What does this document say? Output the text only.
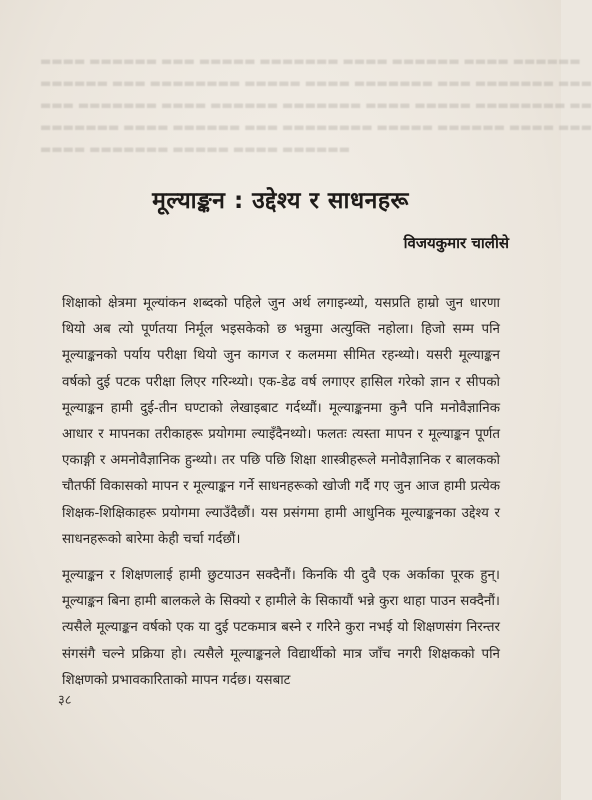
▬▬▬▬ ▬▬▬▬▬▬ ▬▬▬ ▬▬▬▬▬ ▬▬▬▬▬▬▬ ▬▬▬▬ ▬▬▬▬▬▬ ▬▬▬▬ ▬▬▬▬▬▬
▬▬▬▬▬▬ ▬▬▬ ▬▬▬▬▬▬▬▬ ▬▬▬▬▬ ▬▬▬▬ ▬▬▬▬▬▬▬ ▬▬▬ ▬▬▬▬▬▬▬ ▬▬▬
▬▬▬ ▬▬▬▬▬▬▬ ▬▬▬▬ ▬▬▬▬▬▬ ▬▬▬▬▬▬▬ ▬▬▬▬ ▬▬▬▬▬ ▬▬▬▬▬▬▬▬ ▬▬
▬▬▬▬▬▬▬ ▬▬▬▬ ▬▬▬▬▬▬ ▬▬▬ ▬▬▬▬▬▬▬▬ ▬▬▬▬▬ ▬▬▬▬▬▬ ▬▬▬▬ ▬▬▬
▬▬▬▬ ▬▬▬▬▬▬▬ ▬▬▬▬▬ ▬▬▬▬ ▬▬▬▬▬▬
मूल्याङ्कन : उद्देश्य र साधनहरू
विजयकुमार चालीसे

शिक्षाको क्षेत्रमा मूल्यांकन शब्दको पहिले जुन अर्थ लगाइन्थ्यो, यसप्रति हाम्रो जुन धारणा थियो अब त्यो पूर्णतया निर्मूल भइसकेको छ भन्नुमा अत्युक्ति नहोला। हिजो सम्म पनि मूल्याङ्कनको पर्याय परीक्षा थियो जुन कागज र कलममा सीमित रहन्थ्यो। यसरी मूल्याङ्कन वर्षको दुई पटक परीक्षा लिएर गरिन्थ्यो। एक-डेढ वर्ष लगाएर हासिल गरेको ज्ञान र सीपको मूल्याङ्कन हामी दुई-तीन घण्टाको लेखाइबाट गर्दथ्यौं। मूल्याङ्कनमा कुनै पनि मनोवैज्ञानिक आधार र मापनका तरीकाहरू प्रयोगमा ल्याइँदैनथ्यो। फलतः त्यस्ता मापन र मूल्याङ्कन पूर्णत एकाङ्गी र अमनोवैज्ञानिक हुन्थ्यो। तर पछि पछि शिक्षा शास्त्रीहरूले मनोवैज्ञानिक र बालकको चौतर्फी विकासको मापन र मूल्याङ्कन गर्ने साधनहरूको खोजी गर्दै गए जुन आज हामी प्रत्येक शिक्षक-शिक्षिकाहरू प्रयोगमा ल्याउँदैछौं। यस प्रसंगमा हामी आधुनिक मूल्याङ्कनका उद्देश्य र साधनहरूको बारेमा केही चर्चा गर्दछौं।

मूल्याङ्कन र शिक्षणलाई हामी छुटयाउन सक्दैनौं। किनकि यी दुवै एक अर्काका पूरक हुन्। मूल्याङ्कन बिना हामी बालकले के सिक्यो र हामीले के सिकायौं भन्ने कुरा थाहा पाउन सक्दैनौं। त्यसैले मूल्याङ्कन वर्षको एक या दुई पटकमात्र बस्ने र गरिने कुरा नभई यो शिक्षणसंग निरन्तर संगसंगै चल्ने प्रक्रिया हो। त्यसैले मूल्याङ्कनले विद्यार्थीको मात्र जाँच नगरी शिक्षकको पनि शिक्षणको प्रभावकारिताको मापन गर्दछ। यसबाट

३८
